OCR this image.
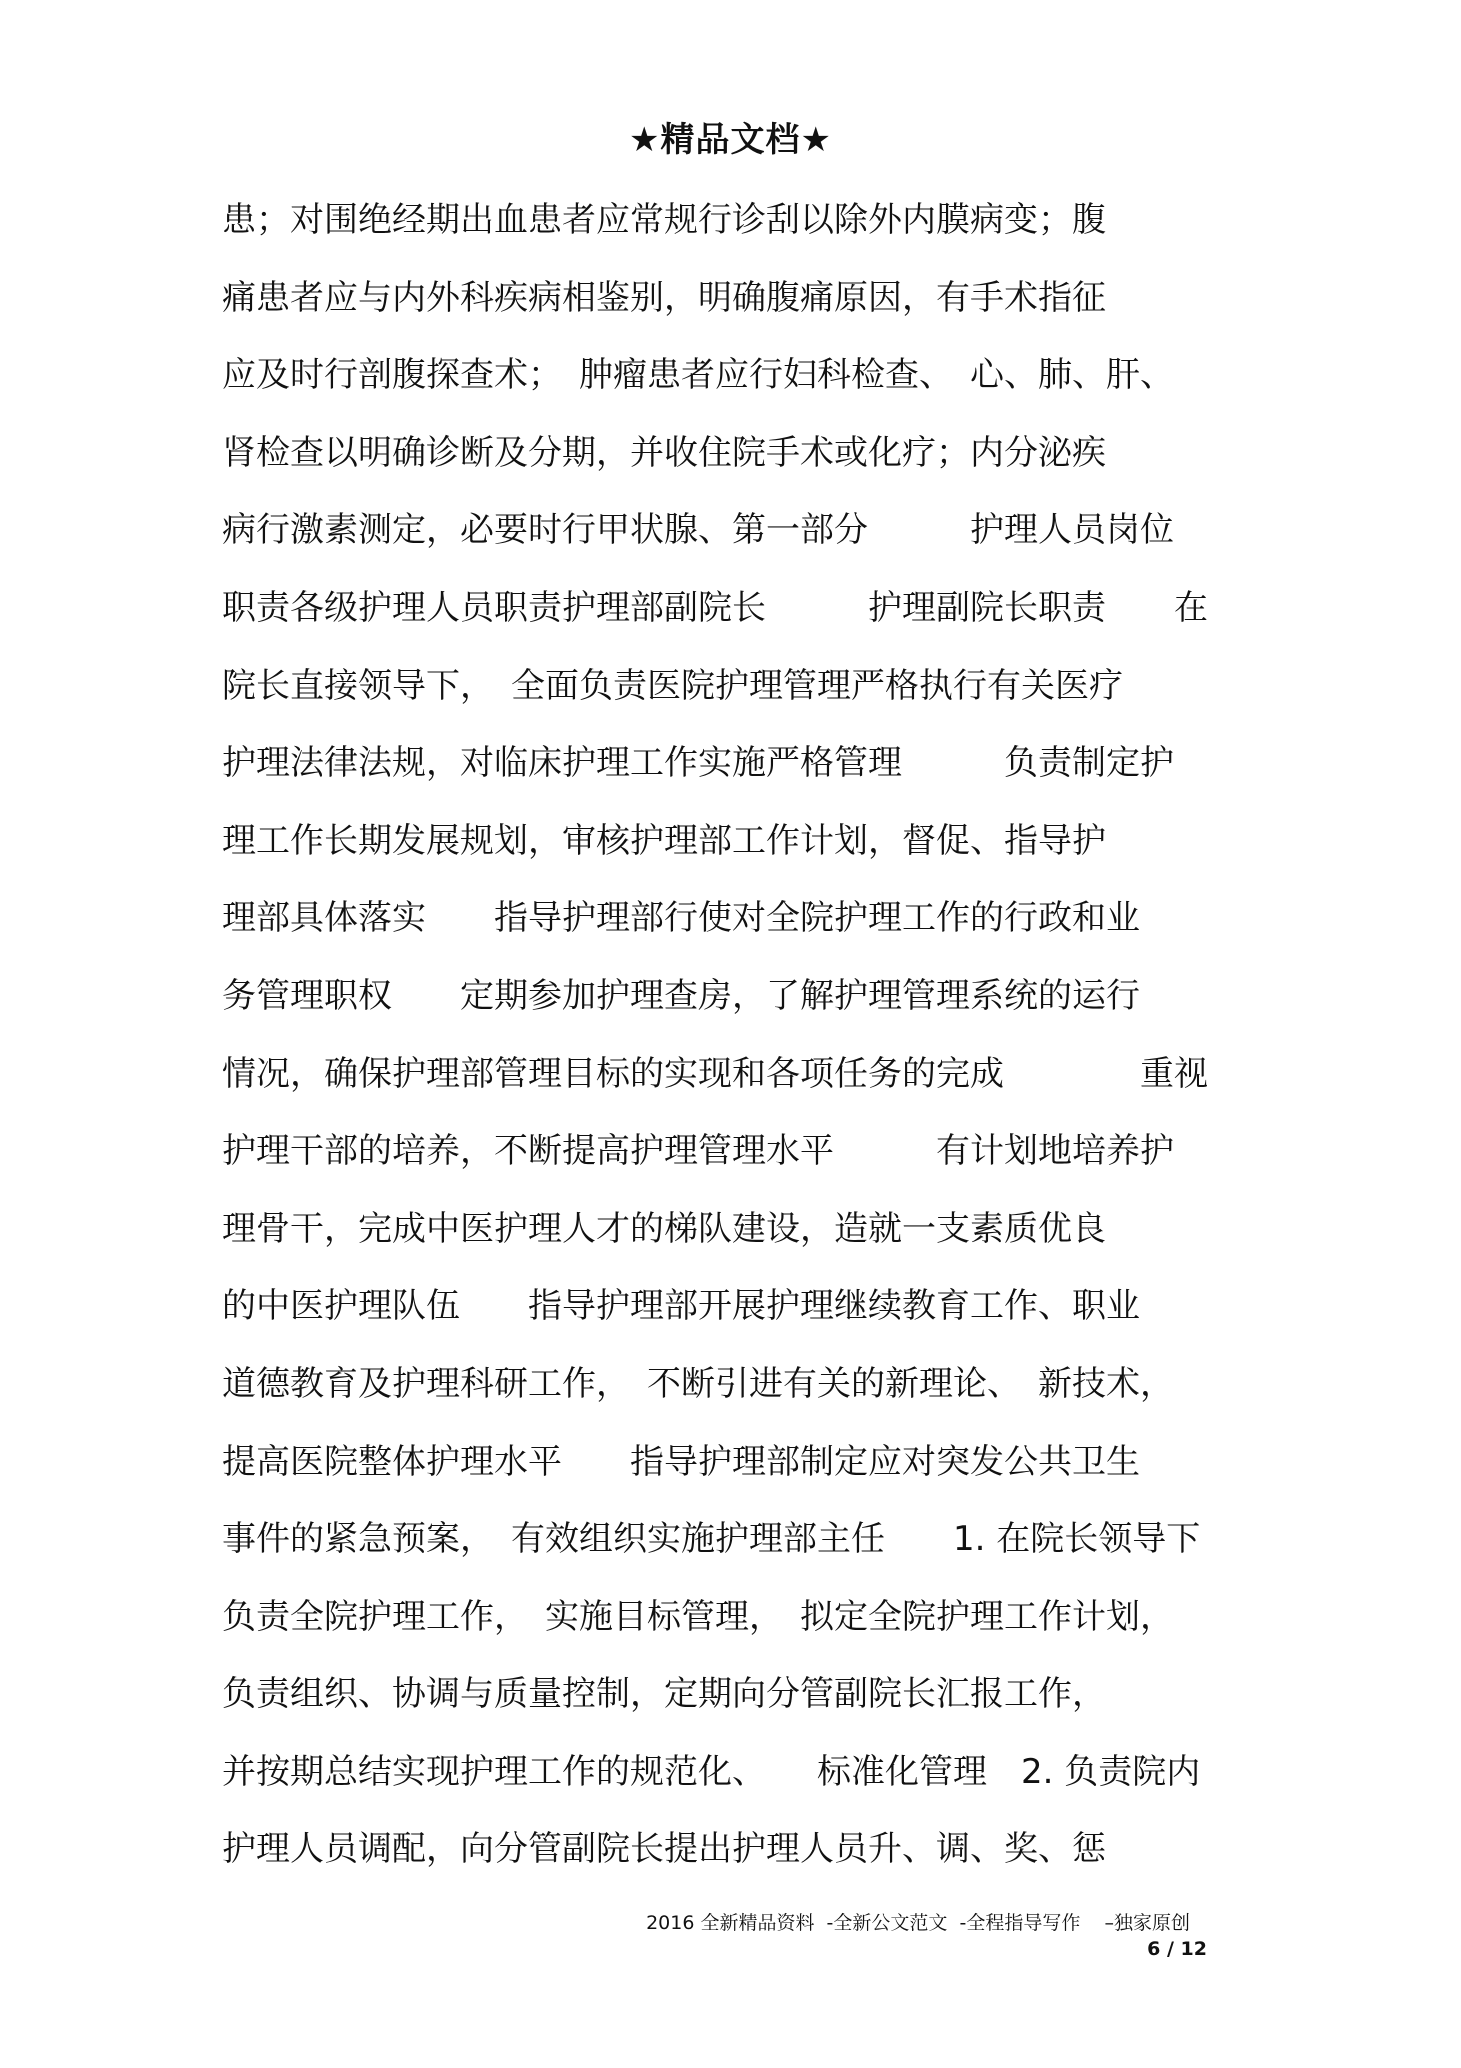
★精品文档★
患；对围绝经期出血患者应常规行诊刮以除外内膜病变；腹
痛患者应与内外科疾病相鉴别，明确腹痛原因，有手术指征
应及时行剖腹探查术；　肿瘤患者应行妇科检查、　心、肺、肝、
肾检查以明确诊断及分期，并收住院手术或化疗；内分泌疾
病行激素测定，必要时行甲状腺、第一部分　　　护理人员岗位
职责各级护理人员职责护理部副院长　　　护理副院长职责　　在
院长直接领导下，　全面负责医院护理管理严格执行有关医疗
护理法律法规，对临床护理工作实施严格管理　　　负责制定护
理工作长期发展规划，审核护理部工作计划，督促、指导护
理部具体落实　　指导护理部行使对全院护理工作的行政和业
务管理职权　　定期参加护理查房，了解护理管理系统的运行
情况，确保护理部管理目标的实现和各项任务的完成　　　　重视
护理干部的培养，不断提高护理管理水平　　　有计划地培养护
理骨干，完成中医护理人才的梯队建设，造就一支素质优良
的中医护理队伍　　指导护理部开展护理继续教育工作、职业
道德教育及护理科研工作，　不断引进有关的新理论、　新技术，
提高医院整体护理水平　　指导护理部制定应对突发公共卫生
事件的紧急预案，　有效组织实施护理部主任　　1. 在院长领导下
负责全院护理工作，　实施目标管理，　拟定全院护理工作计划，
负责组织、协调与质量控制，定期向分管副院长汇报工作，
并按期总结实现护理工作的规范化、　　标准化管理　2. 负责院内
护理人员调配，向分管副院长提出护理人员升、调、奖、惩
2016 全新精品资料  -全新公文范文  -全程指导写作    –独家原创
6 / 12
